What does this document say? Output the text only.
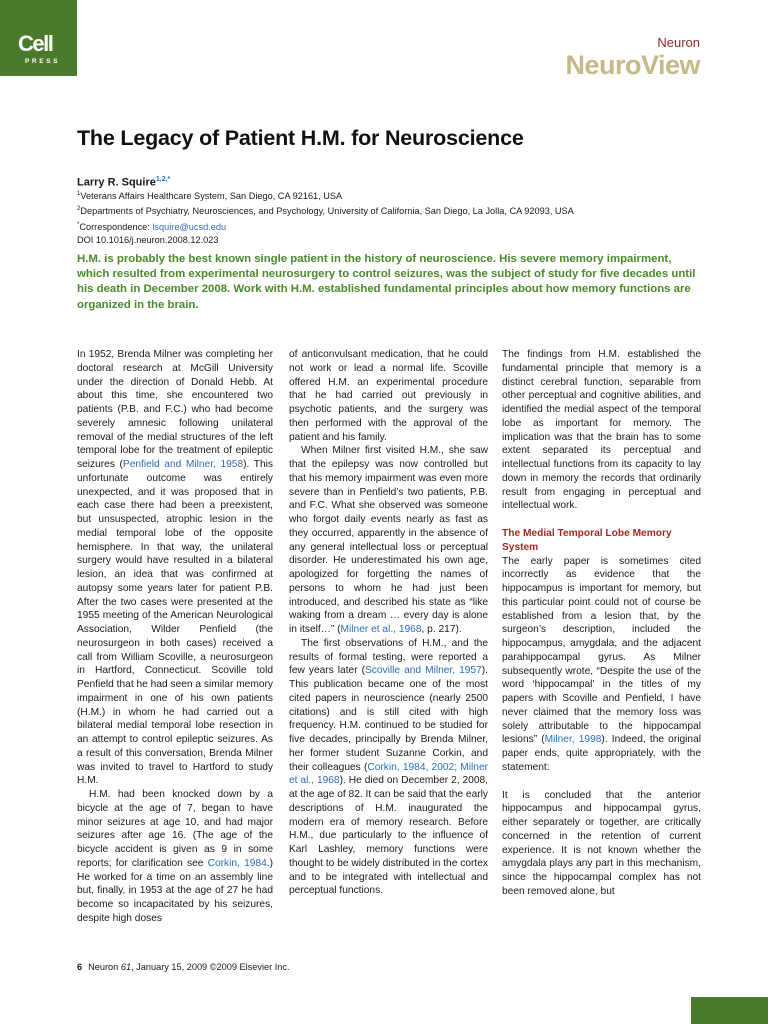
Cell
PRESS
Neuron
NeuroView
The Legacy of Patient H.M. for Neuroscience
Larry R. Squire$^{1,2,*}$
$^1$Veterans Affairs Healthcare System, San Diego, CA 92161, USA
$^2$Departments of Psychiatry, Neurosciences, and Psychology, University of California, San Diego, La Jolla, CA 92093, USA
*Correspondence: lsquire@ucsd.edu
DOI 10.1016/j.neuron.2008.12.023

H.M. is probably the best known single patient in the history of neuroscience. His severe memory impairment, which resulted from experimental neurosurgery to control seizures, was the subject of study for five decades until his death in December 2008. Work with H.M. established fundamental principles about how memory functions are organized in the brain.

In 1952, Brenda Milner was completing her doctoral research at McGill University under the direction of Donald Hebb. At about this time, she encountered two patients (P.B. and F.C.) who had become severely amnesic following unilateral removal of the medial structures of the left temporal lobe for the treatment of epileptic seizures (Penfield and Milner, 1958). This unfortunate outcome was entirely unexpected, and it was proposed that in each case there had been a preexistent, but unsuspected, atrophic lesion in the medial temporal lobe of the opposite hemisphere. In that way, the unilateral surgery would have resulted in a bilateral lesion, an idea that was confirmed at autopsy some years later for patient P.B. After the two cases were presented at the 1955 meeting of the American Neurological Association, Wilder Penfield (the neurosurgeon in both cases) received a call from William Scoville, a neurosurgeon in Hartford, Connecticut. Scoville told Penfield that he had seen a similar memory impairment in one of his own patients (H.M.) in whom he had carried out a bilateral medial temporal lobe resection in an attempt to control epileptic seizures. As a result of this conversation, Brenda Milner was invited to travel to Hartford to study H.M.

H.M. had been knocked down by a bicycle at the age of 7, began to have minor seizures at age 10, and had major seizures after age 16. (The age of the bicycle accident is given as 9 in some reports; for clarification see Corkin, 1984.) He worked for a time on an assembly line but, finally, in 1953 at the age of 27 he had become so incapacitated by his seizures, despite high doses

of anticonvulsant medication, that he could not work or lead a normal life. Scoville offered H.M. an experimental procedure that he had carried out previously in psychotic patients, and the surgery was then performed with the approval of the patient and his family.

When Milner first visited H.M., she saw that the epilepsy was now controlled but that his memory impairment was even more severe than in Penfield’s two patients, P.B. and F.C. What she observed was someone who forgot daily events nearly as fast as they occurred, apparently in the absence of any general intellectual loss or perceptual disorder. He underestimated his own age, apologized for forgetting the names of persons to whom he had just been introduced, and described his state as “like waking from a dream … every day is alone in itself…” (Milner et al., 1968, p. 217).

The first observations of H.M., and the results of formal testing, were reported a few years later (Scoville and Milner, 1957). This publication became one of the most cited papers in neuroscience (nearly 2500 citations) and is still cited with high frequency. H.M. continued to be studied for five decades, principally by Brenda Milner, her former student Suzanne Corkin, and their colleagues (Corkin, 1984, 2002; Milner et al., 1968). He died on December 2, 2008, at the age of 82. It can be said that the early descriptions of H.M. inaugurated the modern era of memory research. Before H.M., due particularly to the influence of Karl Lashley, memory functions were thought to be widely distributed in the cortex and to be integrated with intellectual and perceptual functions.

The findings from H.M. established the fundamental principle that memory is a distinct cerebral function, separable from other perceptual and cognitive abilities, and identified the medial aspect of the temporal lobe as important for memory. The implication was that the brain has to some extent separated its perceptual and intellectual functions from its capacity to lay down in memory the records that ordinarily result from engaging in perceptual and intellectual work.

The Medial Temporal Lobe Memory System

The early paper is sometimes cited incorrectly as evidence that the hippocampus is important for memory, but this particular point could not of course be established from a lesion that, by the surgeon’s description, included the hippocampus, amygdala, and the adjacent parahippocampal gyrus. As Milner subsequently wrote, “Despite the use of the word ‘hippocampal’ in the titles of my papers with Scoville and Penfield, I have never claimed that the memory loss was solely attributable to the hippocampal lesions” (Milner, 1998). Indeed, the original paper ends, quite appropriately, with the statement:

It is concluded that the anterior hippocampus and hippocampal gyrus, either separately or together, are critically concerned in the retention of current experience. It is not known whether the amygdala plays any part in this mechanism, since the hippocampal complex has not been removed alone, but

6 Neuron 61, January 15, 2009 ©2009 Elsevier Inc.
